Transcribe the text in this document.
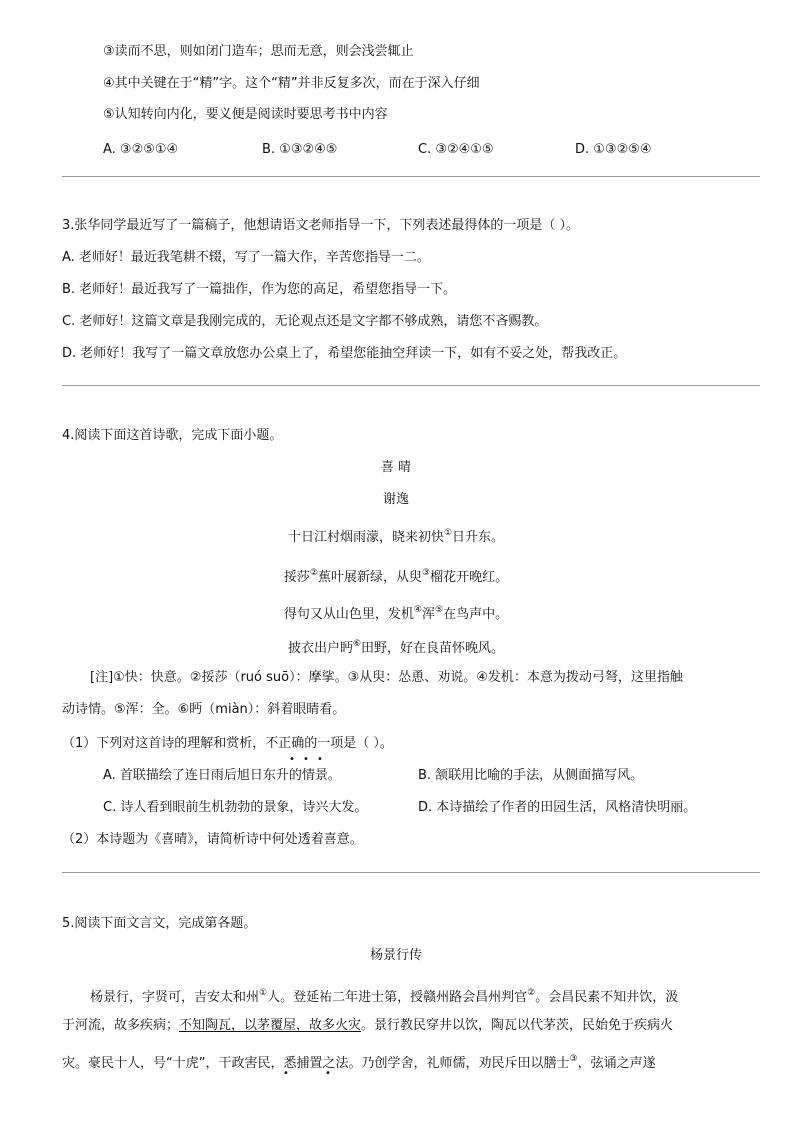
③读而不思，则如闭门造车；思而无意，则会浅尝辄止
④其中关键在于“精”字。这个“精”并非反复多次，而在于深入仔细
⑤认知转向内化，要义便是阅读时要思考书中内容
A. ③②⑤①④	B. ①③②④⑤	C. ③②④①⑤	D. ①③②⑤④
3.张华同学最近写了一篇稿子，他想请语文老师指导一下，下列表述最得体的一项是（ ）。
A. 老师好！最近我笔耕不辍，写了一篇大作，辛苦您指导一二。
B. 老师好！最近我写了一篇拙作，作为您的高足，希望您指导一下。
C. 老师好！这篇文章是我刚完成的，无论观点还是文字都不够成熟，请您不吝赐教。
D. 老师好！我写了一篇文章放您办公桌上了，希望您能抽空拜读一下，如有不妥之处，帮我改正。
4.阅读下面这首诗歌，完成下面小题。
喜 晴
谢逸
十日江村烟雨濛，晓来初快①日升东。
挼莎②蕉叶展新绿，从臾③榴花开晚红。
得句又从山色里，发机④浑⑤在鸟声中。
披衣出户眄⑥田野，好在良苗怀晚风。
[注]①快：快意。②挼莎（ruó suō）：摩挲。③从臾：怂恿、劝说。④发机：本意为拨动弓弩，这里指触
动诗情。⑤浑：全。⑥眄（miàn）：斜着眼睛看。
（1）下列对这首诗的理解和赏析，不正确的一项是（ ）。
• • •
A. 首联描绘了连日雨后旭日东升的情景。	B. 颔联用比喻的手法，从侧面描写风。
C. 诗人看到眼前生机勃勃的景象，诗兴大发。	D. 本诗描绘了作者的田园生活，风格清快明丽。
（2）本诗题为《喜晴》，请简析诗中何处透着喜意。
5.阅读下面文言文，完成第各题。
杨景行传
杨景行，字贤可，吉安太和州①人。登延祐二年进士第，授赣州路会昌州判官②。会昌民素不知井饮，汲
于河流，故多疾病；不知陶瓦，以茅覆屋，故多火灾。景行教民穿井以饮，陶瓦以代茅茨，民始免于疾病火
灾。豪民十人，号“十虎”，干政害民，悉捕置之法。乃创学舍，礼师儒，劝民斥田以膳士③，弦诵之声遂
•	•
